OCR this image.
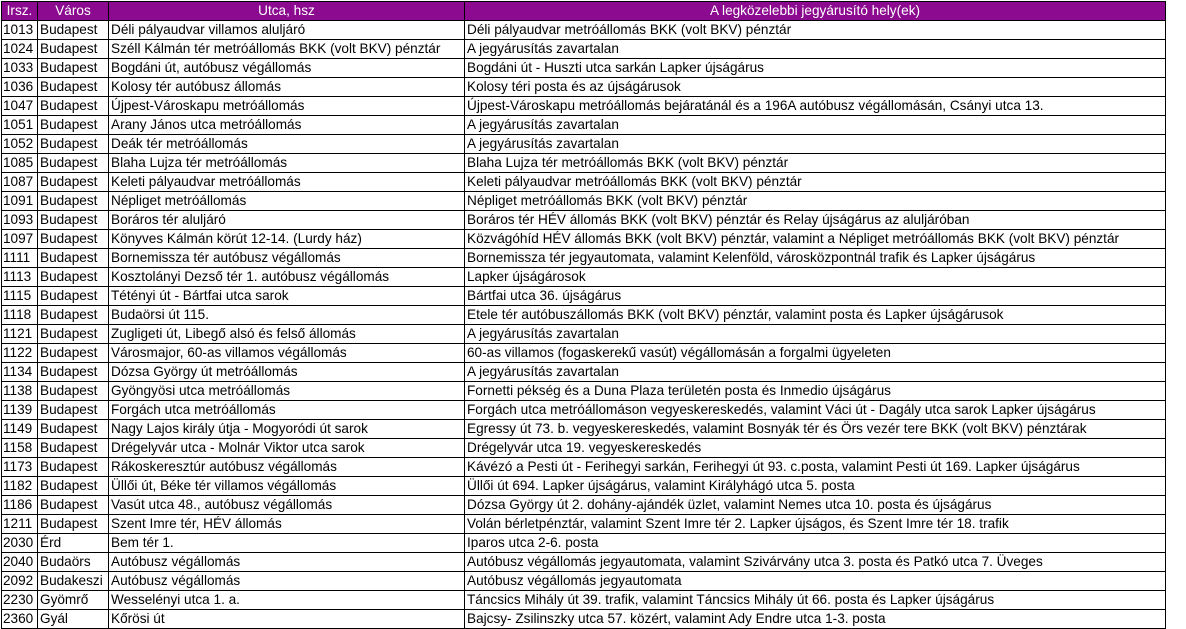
Irsz.	Város	Utca, hsz	A legközelebbi jegyárusító hely(ek)
1013	Budapest	Déli pályaudvar villamos aluljáró	Déli pályaudvar metróállomás BKK (volt BKV) pénztár
1024	Budapest	Széll Kálmán tér metróállomás BKK (volt BKV) pénztár	A jegyárusítás zavartalan
1033	Budapest	Bogdáni út, autóbusz végállomás	Bogdáni út - Huszti utca sarkán Lapker újságárus
1036	Budapest	Kolosy tér autóbusz állomás	Kolosy téri posta és az újságárusok
1047	Budapest	Újpest-Városkapu metróállomás	Újpest-Városkapu metróállomás bejáratánál és a 196A autóbusz végállomásán, Csányi utca 13.
1051	Budapest	Arany János utca metróállomás	A jegyárusítás zavartalan
1052	Budapest	Deák tér metróállomás	A jegyárusítás zavartalan
1085	Budapest	Blaha Lujza tér metróállomás	Blaha Lujza tér metróállomás BKK (volt BKV) pénztár
1087	Budapest	Keleti pályaudvar metróállomás	Keleti pályaudvar metróállomás BKK (volt BKV) pénztár
1091	Budapest	Népliget metróállomás	Népliget metróállomás BKK (volt BKV) pénztár
1093	Budapest	Boráros tér aluljáró	Boráros tér HÉV állomás BKK (volt BKV) pénztár és Relay újságárus az aluljáróban
1097	Budapest	Könyves Kálmán körút 12-14. (Lurdy ház)	Közvágóhíd HÉV állomás BKK (volt BKV) pénztár, valamint a Népliget metróállomás BKK (volt BKV) pénztár
1111	Budapest	Bornemissza tér autóbusz végállomás	Bornemissza tér jegyautomata, valamint Kelenföld, városközpontnál trafik és Lapker újságárus
1113	Budapest	Kosztolányi Dezső tér 1. autóbusz végállomás	Lapker újságárosok
1115	Budapest	Tétényi út - Bártfai utca sarok	Bártfai utca 36. újságárus
1118	Budapest	Budaörsi út 115.	Etele tér autóbuszállomás BKK (volt BKV) pénztár, valamint posta és Lapker újságárusok
1121	Budapest	Zugligeti út, Libegő alsó és felső állomás	A jegyárusítás zavartalan
1122	Budapest	Városmajor, 60-as villamos végállomás	60-as villamos (fogaskerekű vasút) végállomásán a forgalmi ügyeleten
1134	Budapest	Dózsa György út metróállomás	A jegyárusítás zavartalan
1138	Budapest	Gyöngyösi utca metróállomás	Fornetti pékség és a Duna Plaza területén posta és Inmedio újságárus
1139	Budapest	Forgách utca metróállomás	Forgách utca metróállomáson vegyeskereskedés, valamint Váci út - Dagály utca sarok Lapker újságárus
1149	Budapest	Nagy Lajos király útja - Mogyoródi út sarok	Egressy út 73. b. vegyeskereskedés, valamint Bosnyák tér és Örs vezér tere BKK (volt BKV) pénztárak
1158	Budapest	Drégelyvár utca - Molnár Viktor utca sarok	Drégelyvár utca 19. vegyeskereskedés
1173	Budapest	Rákoskeresztúr autóbusz végállomás	Kávézó a Pesti út - Ferihegyi sarkán, Ferihegyi út 93. c.posta, valamint Pesti út 169. Lapker újságárus
1182	Budapest	Üllői út, Béke tér villamos végállomás	Üllői út 694. Lapker újságárus, valamint Királyhágó utca 5. posta
1186	Budapest	Vasút utca 48., autóbusz végállomás	Dózsa György út 2. dohány-ajándék üzlet, valamint Nemes utca 10. posta és újságárus
1211	Budapest	Szent Imre tér, HÉV állomás	Volán bérletpénztár, valamint Szent Imre tér 2. Lapker újságos, és Szent Imre tér 18. trafik
2030	Érd	Bem tér 1.	Iparos utca 2-6. posta
2040	Budaörs	Autóbusz végállomás	Autóbusz végállomás jegyautomata, valamint Szivárvány utca 3. posta és Patkó utca 7. Üveges
2092	Budakeszi	Autóbusz végállomás	Autóbusz végállomás jegyautomata
2230	Gyömrő	Wesselényi utca 1. a.	Táncsics Mihály út 39. trafik, valamint Táncsics Mihály út 66. posta és Lapker újságárus
2360	Gyál	Kőrösi út	Bajcsy- Zsilinszky utca 57. közért, valamint Ady Endre utca 1-3. posta
